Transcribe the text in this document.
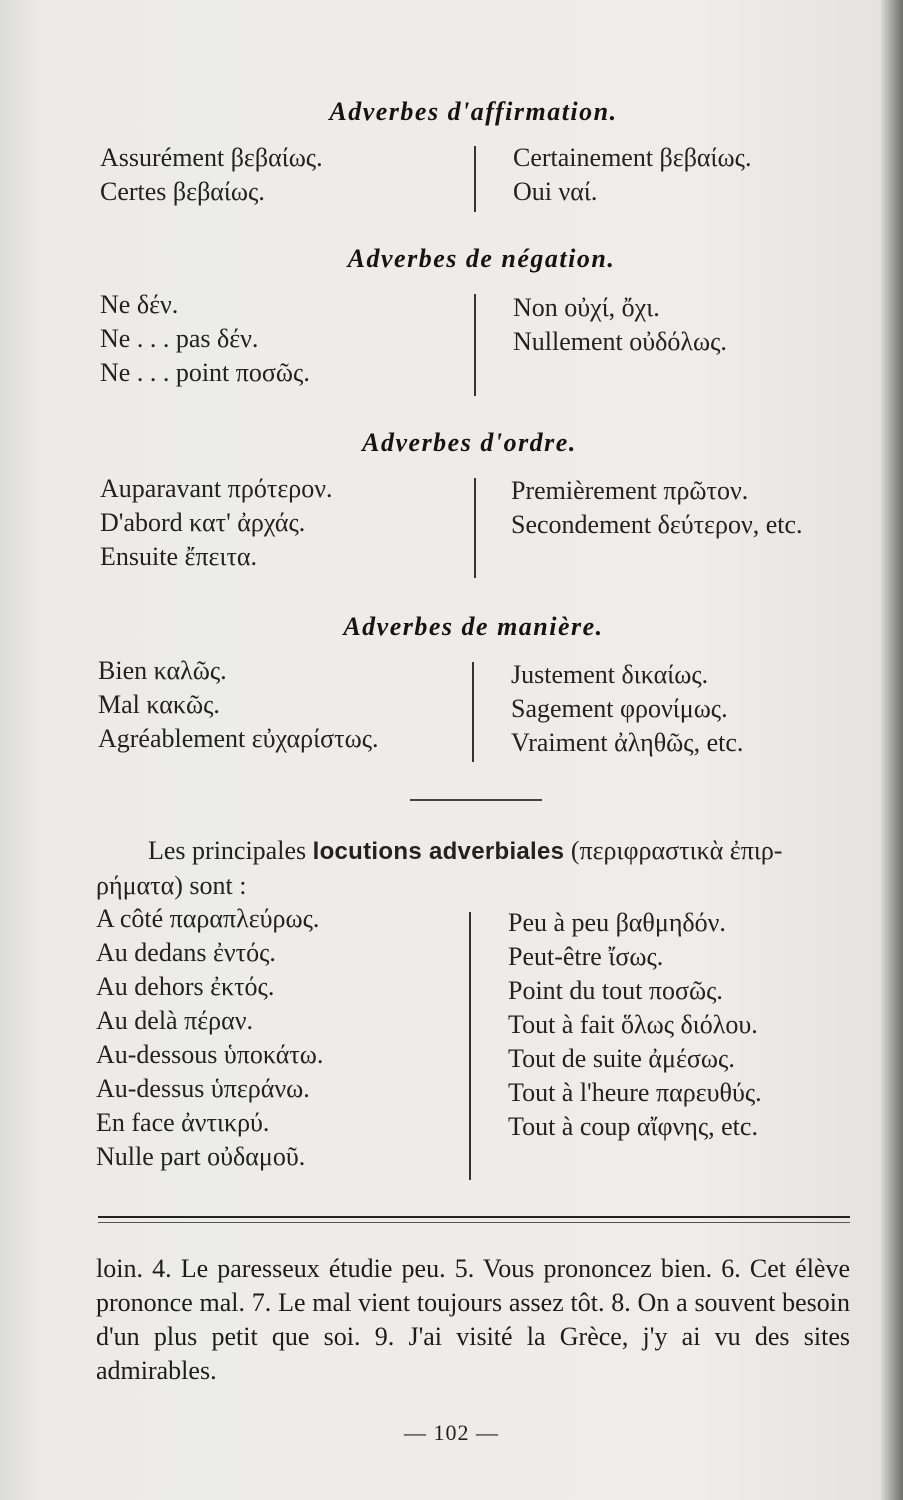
Adverbes d'affirmation.
Assurément βεβαίως.
Certes βεβαίως.
Certainement βεβαίως.
Oui ναί.
Adverbes de négation.
Ne δέν.
Ne . . . pas δέν.
Ne . . . point ποσῶς.
Non οὐχί, ὄχι.
Nullement οὐδόλως.
Adverbes d'ordre.
Auparavant πρότερον.
D'abord κατ' ἀρχάς.
Ensuite ἔπειτα.
Premièrement πρῶτον.
Secondement δεύτερον, etc.
Adverbes de manière.
Bien καλῶς.
Mal κακῶς.
Agréablement εὐχαρίστως.
Justement δικαίως.
Sagement φρονίμως.
Vraiment ἀληθῶς, etc.
Les principales locutions adverbiales (περιφραστικὰ ἐπιρ-ρήματα) sont :
A côté παραπλεύρως.
Au dedans ἐντός.
Au dehors ἐκτός.
Au delà πέραν.
Au-dessous ὑποκάτω.
Au-dessus ὑπεράνω.
En face ἀντικρύ.
Nulle part οὐδαμοῦ.
Peu à peu βαθμηδόν.
Peut-être ἴσως.
Point du tout ποσῶς.
Tout à fait ὅλως διόλου.
Tout de suite ἀμέσως.
Tout à l'heure παρευθύς.
Tout à coup αἴφνης, etc.
loin. 4. Le paresseux étudie peu. 5. Vous prononcez bien. 6. Cet élève prononce mal. 7. Le mal vient toujours assez tôt. 8. On a souvent besoin d'un plus petit que soi. 9. J'ai visité la Grèce, j'y ai vu des sites admirables.
— 102 —
